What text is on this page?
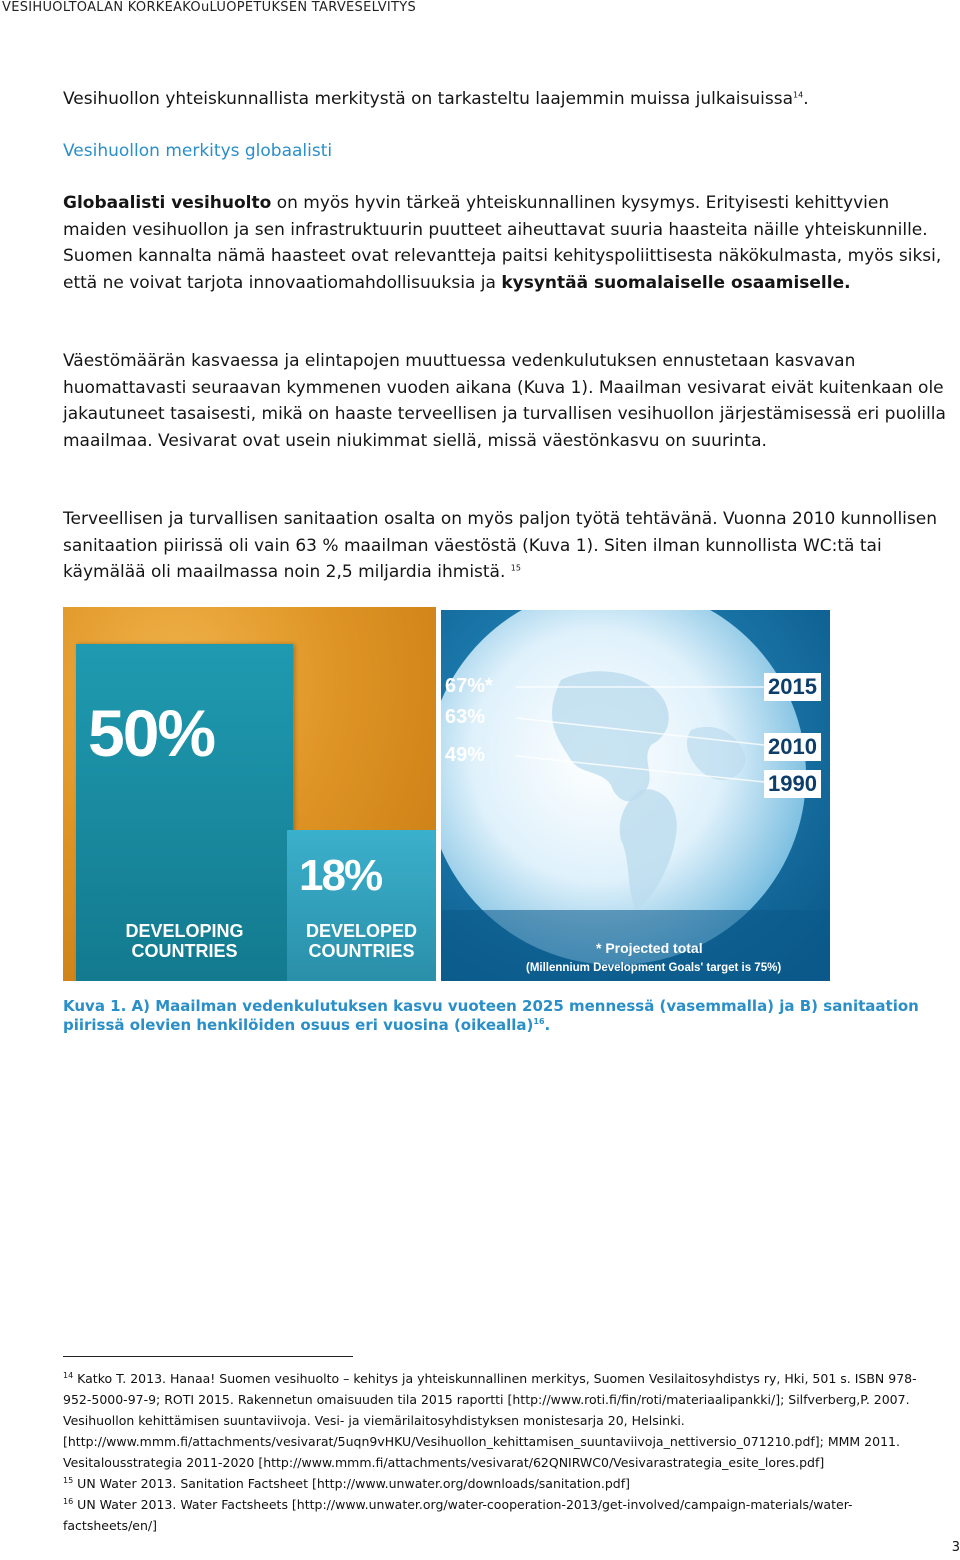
VESIHUOLTOALAN KORKEAKOuLUOPETUKSEN TARVESELVITYS
Vesihuollon yhteiskunnallista merkitystä on tarkasteltu laajemmin muissa julkaisuissa$^{14}$.
Vesihuollon merkitys globaalisti
Globaalisti vesihuolto on myös hyvin tärkeä yhteiskunnallinen kysymys. Erityisesti kehittyvien maiden vesihuollon ja sen infrastruktuurin puutteet aiheuttavat suuria haasteita näille yhteiskunnille. Suomen kannalta nämä haasteet ovat relevantteja paitsi kehityspoliittisesta näkökulmasta, myös siksi, että ne voivat tarjota innovaatiomahdollisuuksia ja kysyntää suomalaiselle osaamiselle.
Väestömäärän kasvaessa ja elintapojen muuttuessa vedenkulutuksen ennustetaan kasvavan huomattavasti seuraavan kymmenen vuoden aikana (Kuva 1). Maailman vesivarat eivät kuitenkaan ole jakautuneet tasaisesti, mikä on haaste terveellisen ja turvallisen vesihuollon järjestämisessä eri puolilla maailmaa. Vesivarat ovat usein niukimmat siellä, missä väestönkasvu on suurinta.
Terveellisen ja turvallisen sanitaation osalta on myös paljon työtä tehtävänä. Vuonna 2010 kunnollisen sanitaation piirissä oli vain 63 % maailman väestöstä (Kuva 1). Siten ilman kunnollista WC:tä tai käymälää oli maailmassa noin 2,5 miljardia ihmistä. $^{15}$
50%
18%
DEVELOPING
COUNTRIES
DEVELOPED
COUNTRIES
67%*
63%
49%
2015
2010
1990
* Projected total
(Millennium Development Goals' target is 75%)
Kuva 1. A) Maailman vedenkulutuksen kasvu vuoteen 2025 mennessä (vasemmalla) ja B) sanitaation piirissä olevien henkilöiden osuus eri vuosina (oikealla)$^{16}$.
$^{14}$ Katko T. 2013. Hanaa! Suomen vesihuolto – kehitys ja yhteiskunnallinen merkitys, Suomen Vesilaitosyhdistys ry, Hki, 501 s. ISBN 978-952-5000-97-9; ROTI 2015. Rakennetun omaisuuden tila 2015 raportti [http://www.roti.fi/fin/roti/materiaalipankki/]; Silfverberg,P. 2007. Vesihuollon kehittämisen suuntaviivoja. Vesi- ja viemärilaitosyhdistyksen monistesarja 20, Helsinki. [http://www.mmm.fi/attachments/vesivarat/5uqn9vHKU/Vesihuollon_kehittamisen_suuntaviivoja_nettiversio_071210.pdf]; MMM 2011. Vesitalousstrategia 2011-2020 [http://www.mmm.fi/attachments/vesivarat/62QNIRWC0/Vesivarastrategia_esite_lores.pdf]
$^{15}$ UN Water 2013. Sanitation Factsheet [http://www.unwater.org/downloads/sanitation.pdf]
$^{16}$ UN Water 2013. Water Factsheets [http://www.unwater.org/water-cooperation-2013/get-involved/campaign-materials/water-factsheets/en/]
3
